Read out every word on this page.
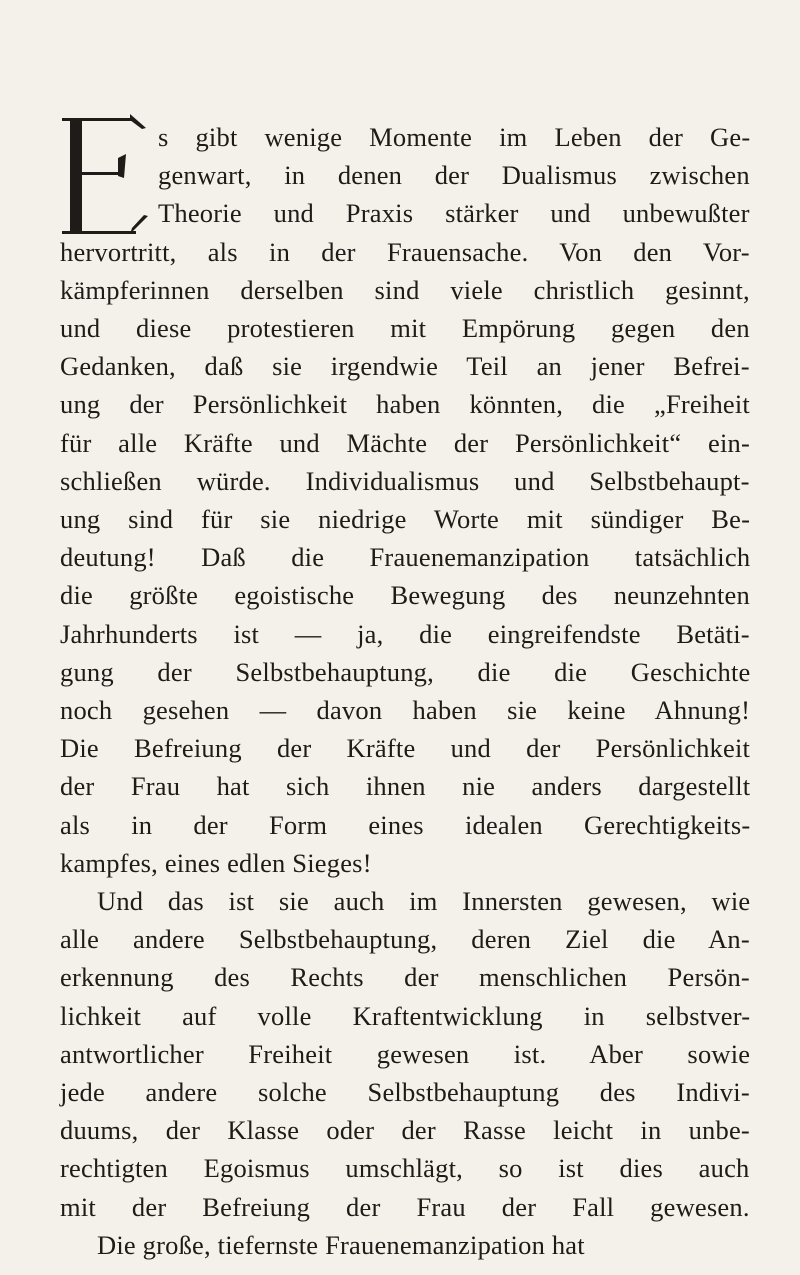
s gibt wenige Momente im Leben der Ge-
genwart, in denen der Dualismus zwischen
Theorie und Praxis stärker und unbewußter
hervortritt, als in der Frauensache. Von den Vor-
kämpferinnen derselben sind viele christlich gesinnt,
und diese protestieren mit Empörung gegen den
Gedanken, daß sie irgendwie Teil an jener Befrei-
ung der Persönlichkeit haben könnten, die „Freiheit
für alle Kräfte und Mächte der Persönlichkeit“ ein-
schließen würde. Individualismus und Selbstbehaupt-
ung sind für sie niedrige Worte mit sündiger Be-
deutung! Daß die Frauenemanzipation tatsächlich
die größte egoistische Bewegung des neunzehnten
Jahrhunderts ist — ja, die eingreifendste Betäti-
gung der Selbstbehauptung, die die Geschichte
noch gesehen — davon haben sie keine Ahnung!
Die Befreiung der Kräfte und der Persönlichkeit
der Frau hat sich ihnen nie anders dargestellt
als in der Form eines idealen Gerechtigkeits-
kampfes, eines edlen Sieges!
Und das ist sie auch im Innersten gewesen, wie
alle andere Selbstbehauptung, deren Ziel die An-
erkennung des Rechts der menschlichen Persön-
lichkeit auf volle Kraftentwicklung in selbstver-
antwortlicher Freiheit gewesen ist. Aber sowie
jede andere solche Selbstbehauptung des Indivi-
duums, der Klasse oder der Rasse leicht in unbe-
rechtigten Egoismus umschlägt, so ist dies auch
mit der Befreiung der Frau der Fall gewesen.
Die große, tiefernste Frauenemanzipation hat
